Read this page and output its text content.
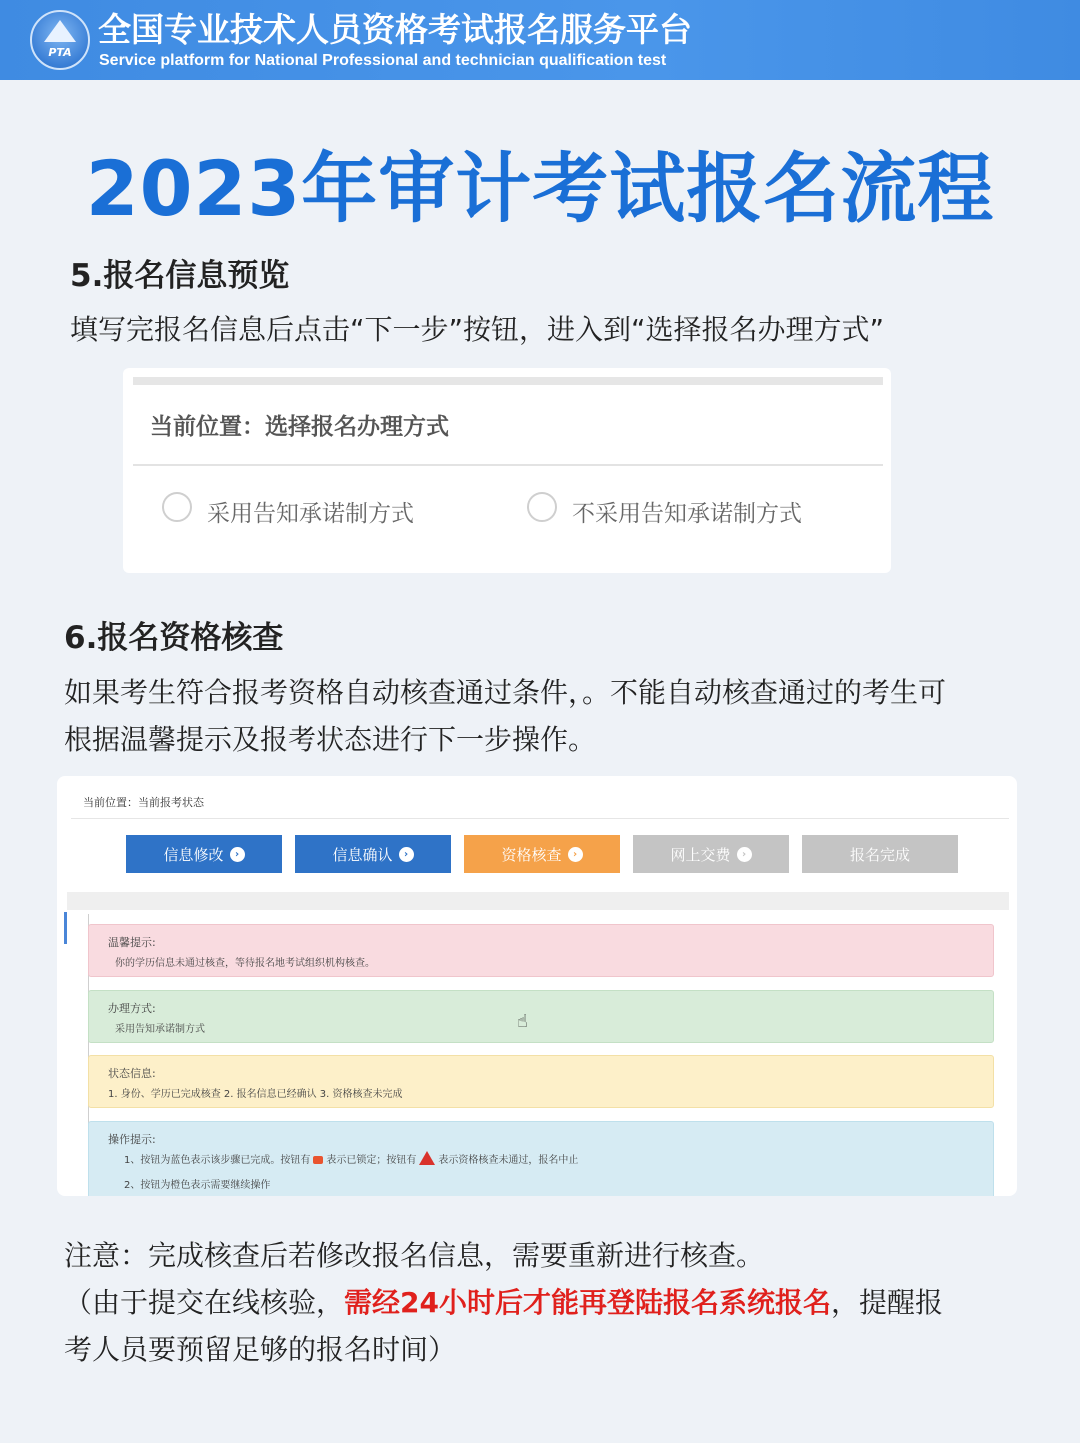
PTA
全国专业技术人员资格考试报名服务平台
Service platform for National Professional and technician qualification test
2023年审计考试报名流程
5.报名信息预览
填写完报名信息后点击“下一步”按钮，进入到“选择报名办理方式”
当前位置：选择报名办理方式
采用告知承诺制方式	不采用告知承诺制方式
6.报名资格核查
如果考生符合报考资格自动核查通过条件，。不能自动核查通过的考生可
根据温馨提示及报考状态进行下一步操作。
当前位置：当前报考状态
信息修改	›	信息确认	›	资格核查	›	网上交费	›	报名完成
温馨提示:
你的学历信息未通过核查，等待报名地考试组织机构核查。
办理方式:
采用告知承诺制方式
状态信息:
1. 身份、学历已完成核查 2. 报名信息已经确认 3. 资格核查未完成
操作提示:
1、按钮为蓝色表示该步骤已完成。按钮有 表示已锁定；按钮有 表示资格核查未通过，报名中止
2、按钮为橙色表示需要继续操作
☝
注意：完成核查后若修改报名信息，需要重新进行核查。
（由于提交在线核验，需经24小时后才能再登陆报名系统报名，提醒报
考人员要预留足够的报名时间）
